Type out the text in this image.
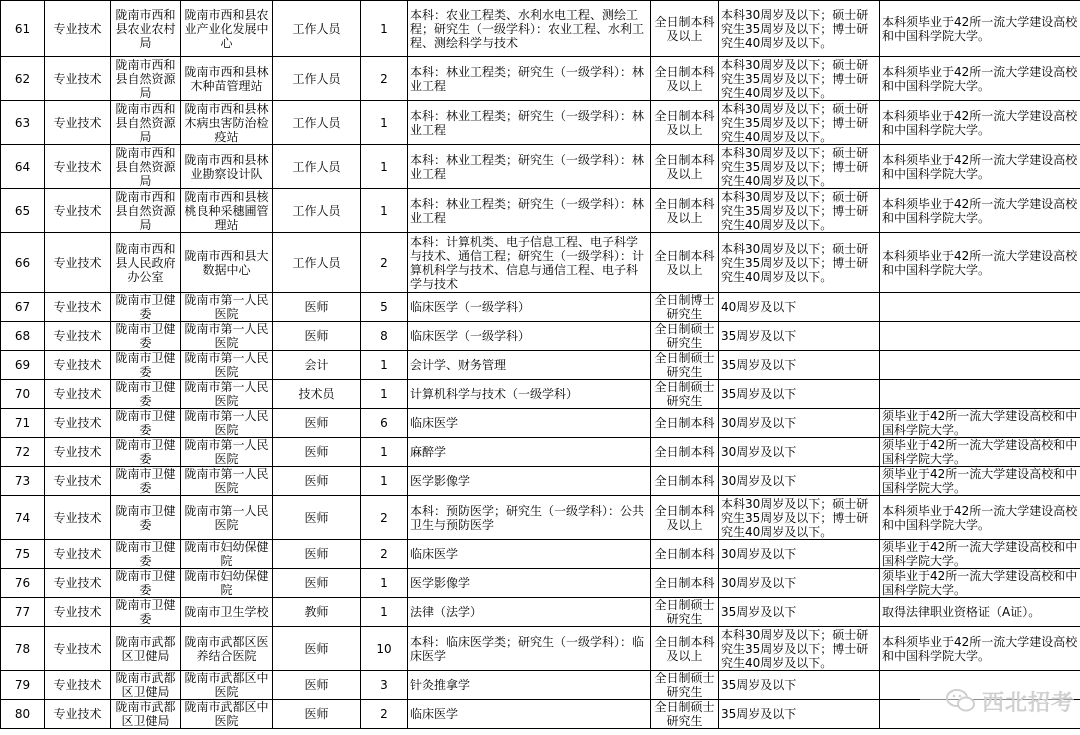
61	专业技术	陇南市西和县农业农村局	陇南市西和县农业产业化发展中心	工作人员	1	本科：农业工程类、水利水电工程、测绘工程；研究生（一级学科）：农业工程、水利工程、测绘科学与技术	全日制本科及以上	本科30周岁及以下；硕士研究生35周岁及以下；博士研究生40周岁及以下。	本科须毕业于42所一流大学建设高校和中国科学院大学。
62	专业技术	陇南市西和县自然资源局	陇南市西和县林木种苗管理站	工作人员	2	本科：林业工程类；研究生（一级学科）：林业工程	全日制本科及以上	本科30周岁及以下；硕士研究生35周岁及以下；博士研究生40周岁及以下。	本科须毕业于42所一流大学建设高校和中国科学院大学。
63	专业技术	陇南市西和县自然资源局	陇南市西和县林木病虫害防治检疫站	工作人员	1	本科：林业工程类；研究生（一级学科）：林业工程	全日制本科及以上	本科30周岁及以下；硕士研究生35周岁及以下；博士研究生40周岁及以下。	本科须毕业于42所一流大学建设高校和中国科学院大学。
64	专业技术	陇南市西和县自然资源局	陇南市西和县林业勘察设计队	工作人员	1	本科：林业工程类；研究生（一级学科）：林业工程	全日制本科及以上	本科30周岁及以下；硕士研究生35周岁及以下；博士研究生40周岁及以下。	本科须毕业于42所一流大学建设高校和中国科学院大学。
65	专业技术	陇南市西和县自然资源局	陇南市西和县核桃良种采穗圃管理站	工作人员	1	本科：林业工程类；研究生（一级学科）：林业工程	全日制本科及以上	本科30周岁及以下；硕士研究生35周岁及以下；博士研究生40周岁及以下。	本科须毕业于42所一流大学建设高校和中国科学院大学。
66	专业技术	陇南市西和县人民政府办公室	陇南市西和县大数据中心	工作人员	2	本科：计算机类、电子信息工程、电子科学与技术、通信工程；研究生（一级学科）：计算机科学与技术、信息与通信工程、电子科学与技术	全日制本科及以上	本科30周岁及以下；硕士研究生35周岁及以下；博士研究生40周岁及以下。	本科须毕业于42所一流大学建设高校和中国科学院大学。
67	专业技术	陇南市卫健委	陇南市第一人民医院	医师	5	临床医学（一级学科）	全日制博士研究生	40周岁及以下	
68	专业技术	陇南市卫健委	陇南市第一人民医院	医师	8	临床医学（一级学科）	全日制硕士研究生	35周岁及以下	
69	专业技术	陇南市卫健委	陇南市第一人民医院	会计	1	会计学、财务管理	全日制硕士研究生	35周岁及以下	
70	专业技术	陇南市卫健委	陇南市第一人民医院	技术员	1	计算机科学与技术（一级学科）	全日制硕士研究生	35周岁及以下	
71	专业技术	陇南市卫健委	陇南市第一人民医院	医师	6	临床医学	全日制本科	30周岁及以下	须毕业于42所一流大学建设高校和中国科学院大学。
72	专业技术	陇南市卫健委	陇南市第一人民医院	医师	1	麻醉学	全日制本科	30周岁及以下	须毕业于42所一流大学建设高校和中国科学院大学。
73	专业技术	陇南市卫健委	陇南市第一人民医院	医师	1	医学影像学	全日制本科	30周岁及以下	须毕业于42所一流大学建设高校和中国科学院大学。
74	专业技术	陇南市卫健委	陇南市第一人民医院	医师	2	本科：预防医学；研究生（一级学科）：公共卫生与预防医学	全日制本科及以上	本科30周岁及以下；硕士研究生35周岁及以下；博士研究生40周岁及以下。	本科须毕业于42所一流大学建设高校和中国科学院大学。
75	专业技术	陇南市卫健委	陇南市妇幼保健院	医师	2	临床医学	全日制本科	30周岁及以下	须毕业于42所一流大学建设高校和中国科学院大学。
76	专业技术	陇南市卫健委	陇南市妇幼保健院	医师	1	医学影像学	全日制本科	30周岁及以下	须毕业于42所一流大学建设高校和中国科学院大学。
77	专业技术	陇南市卫健委	陇南市卫生学校	教师	1	法律（法学）	全日制硕士研究生	35周岁及以下	取得法律职业资格证（A证）。
78	专业技术	陇南市武都区卫健局	陇南市武都区医养结合医院	医师	10	本科：临床医学类；研究生（一级学科）：临床医学	全日制本科及以上	本科30周岁及以下；硕士研究生35周岁及以下；博士研究生40周岁及以下。	本科须毕业于42所一流大学建设高校和中国科学院大学。
79	专业技术	陇南市武都区卫健局	陇南市武都区中医院	医师	3	针灸推拿学	全日制硕士研究生	35周岁及以下	
80	专业技术	陇南市武都区卫健局	陇南市武都区中医院	医师	2	临床医学	全日制硕士研究生	35周岁及以下		西北招考
